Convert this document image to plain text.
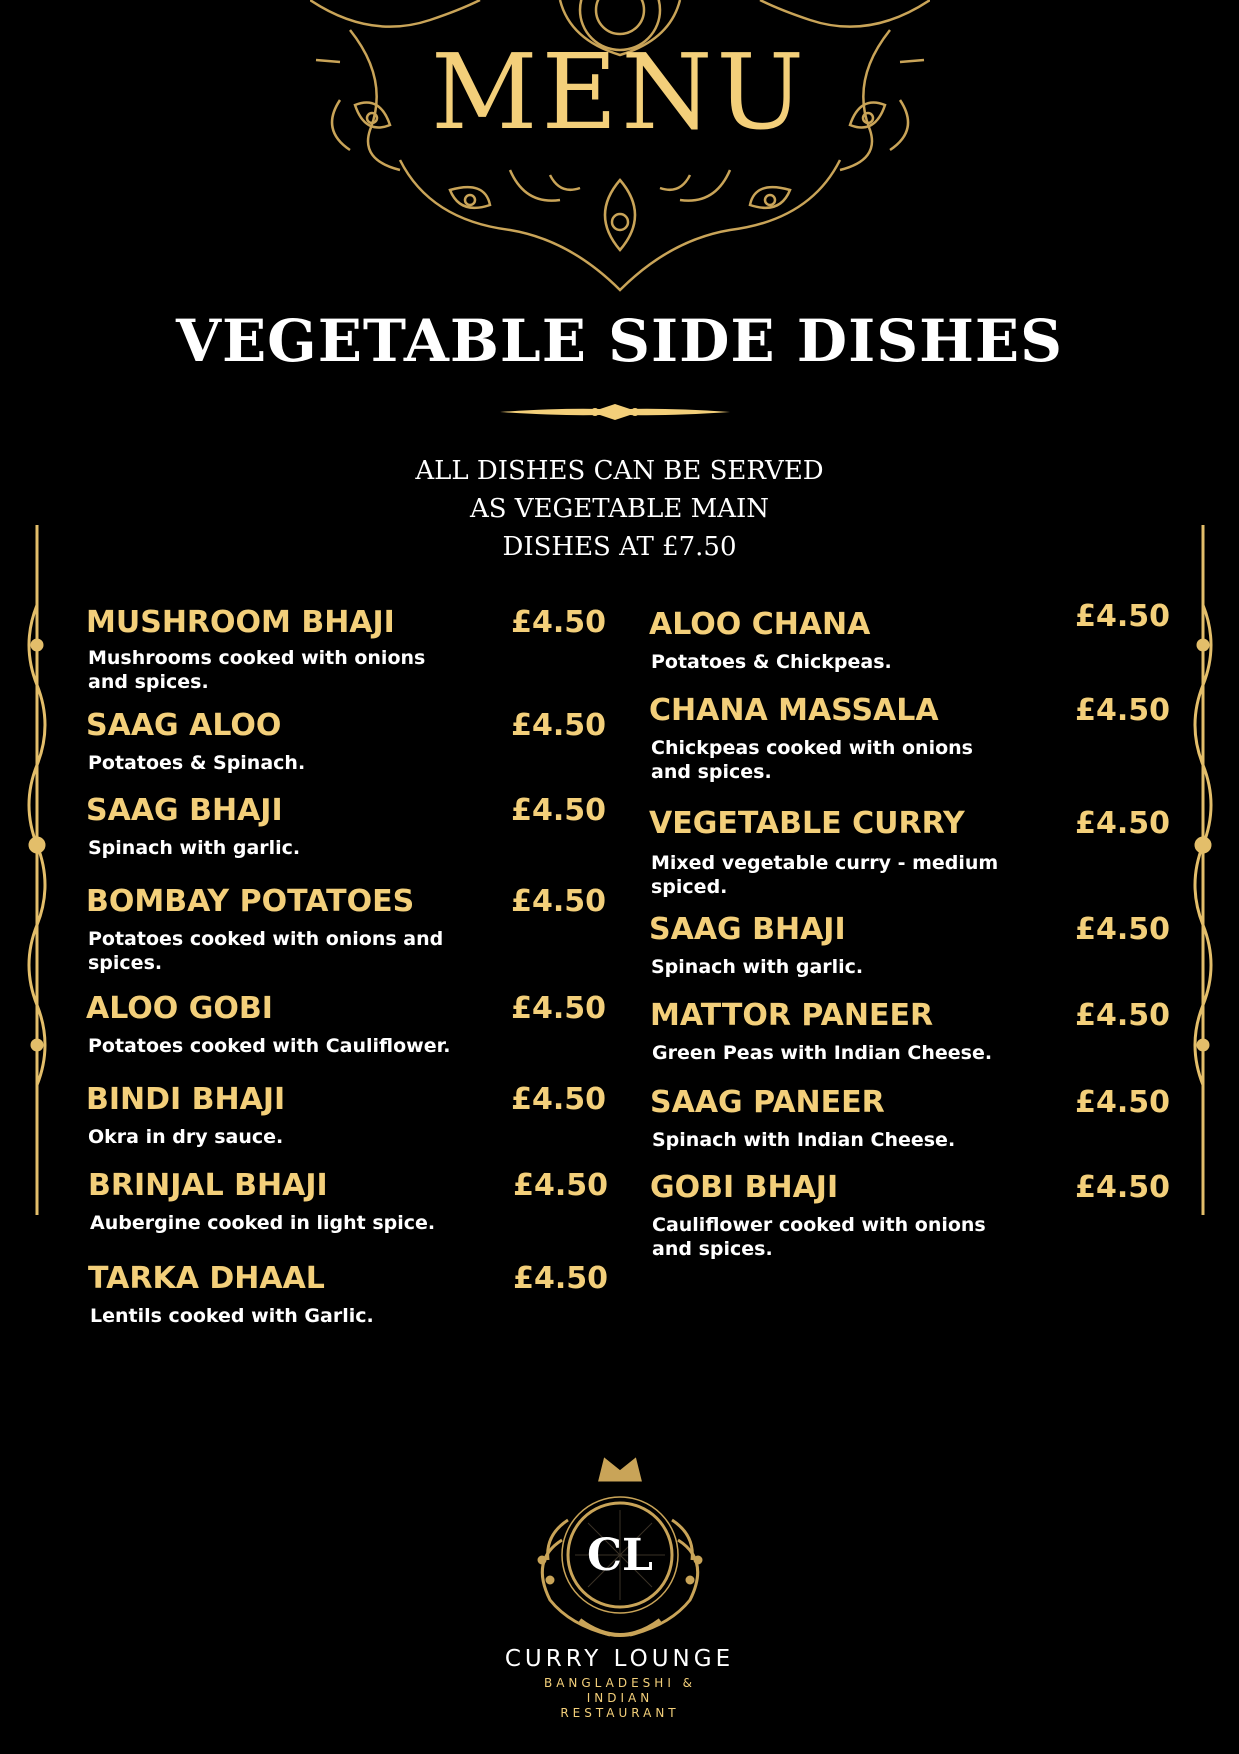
MENU
VEGETABLE SIDE DISHES
ALL DISHES CAN BE SERVED
AS VEGETABLE MAIN
DISHES AT £7.50
MUSHROOM BHAJI	£4.50
Mushrooms cooked with onions and spices.
SAAG ALOO	£4.50
Potatoes & Spinach.
SAAG BHAJI	£4.50
Spinach with garlic.
BOMBAY POTATOES	£4.50
Potatoes cooked with onions and spices.
ALOO GOBI	£4.50
Potatoes cooked with Cauliflower.
BINDI BHAJI	£4.50
Okra in dry sauce.
BRINJAL BHAJI	£4.50
Aubergine cooked in light spice.
TARKA DHAAL	£4.50
Lentils cooked with Garlic.
ALOO CHANA	£4.50
Potatoes & Chickpeas.
CHANA MASSALA	£4.50
Chickpeas cooked with onions and spices.
VEGETABLE CURRY	£4.50
Mixed vegetable curry - medium spiced.
SAAG BHAJI	£4.50
Spinach with garlic.
MATTOR PANEER	£4.50
Green Peas with Indian Cheese.
SAAG PANEER	£4.50
Spinach with Indian Cheese.
GOBI BHAJI	£4.50
Cauliflower cooked with onions and spices.
CL
CURRY LOUNGE
BANGLADESHI &
INDIAN
RESTAURANT
